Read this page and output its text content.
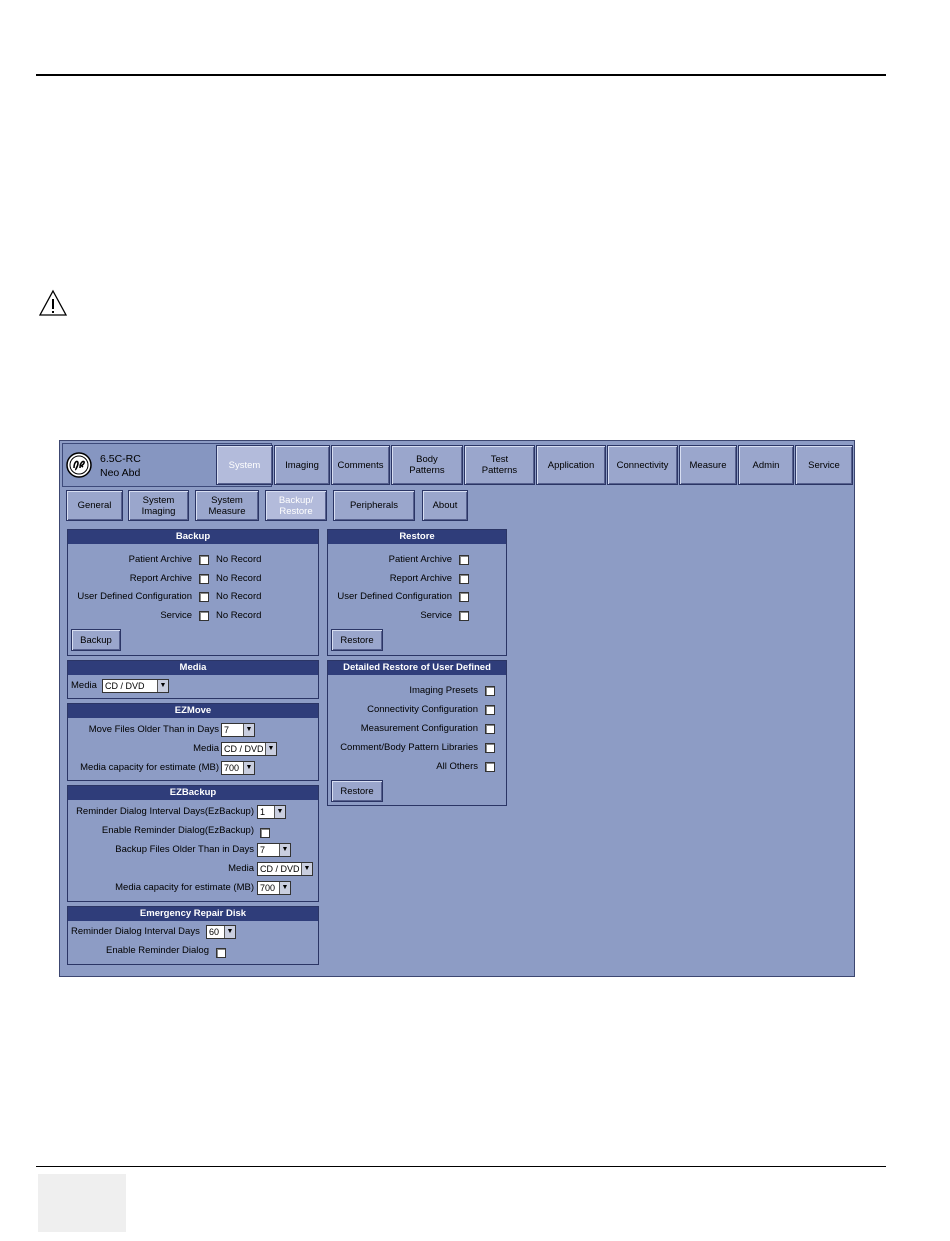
6.5C-RC
Neo Abd
System	Imaging	Comments	Body
Patterns
Test
Patterns	Application	Connectivity	Measure	Admin	Service
General	System
Imaging
System
Measure
Backup/
Restore	Peripherals	About
Backup
Patient Archive	No Record
Report Archive	No Record
User Defined Configuration	No Record
Service	No Record
Backup
Restore
Patient Archive
Report Archive
User Defined Configuration
Service
Restore
Media
Media CD / DVD	▼
EZMove
Move Files Older Than in Days 7	▼
Media CD / DVD ▼
Media capacity for estimate (MB) 700 ▼
EZBackup
Reminder Dialog Interval Days(EzBackup) 1	▼
Enable Reminder Dialog(EzBackup)
Backup Files Older Than in Days 7	▼
Media CD / DVD ▼
Media capacity for estimate (MB) 700 ▼
Emergency Repair Disk
Reminder Dialog Interval Days	60	▼
Enable Reminder Dialog
Detailed Restore of User Defined
Imaging Presets
Connectivity Configuration
Measurement Configuration
Comment/Body Pattern Libraries
All Others
Restore
